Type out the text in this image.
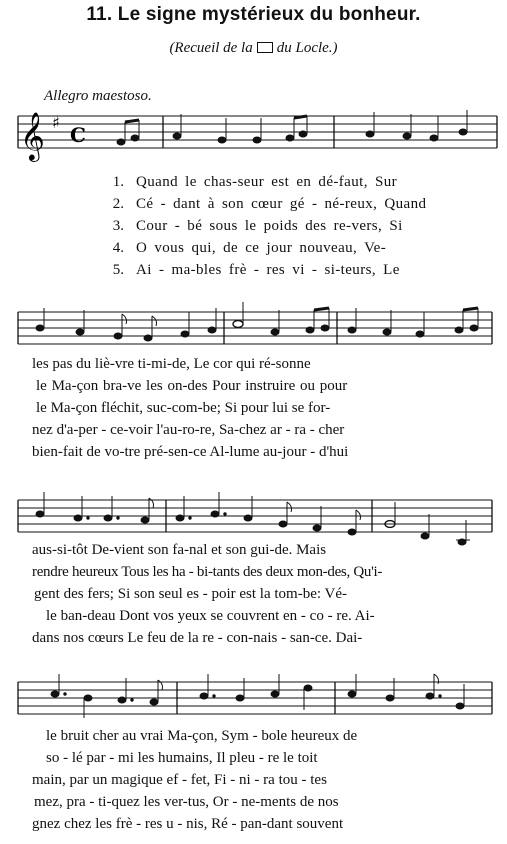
11. Le signe mystérieux du bonheur.
(Recueil de la du Locle.)
Allegro maestoso.
𝄞 ♯
C
1. Quand le chas-seur est en dé-faut, Sur
2. Cé - dant à son cœur gé - né-reux, Quand
3. Cour - bé sous le poids des re-vers, Si
4. O vous qui, de ce jour nouveau, Ve-
5. Ai - ma-bles frè - res vi - si-teurs, Le
les pas du liè-vre ti-mi-de, Le cor qui ré-sonne
le Ma-çon bra-ve les on-des Pour instruire ou pour
le Ma-çon fléchit, suc-com-be; Si pour lui se for-
nez d'a-per - ce-voir l'au-ro-re, Sa-chez ar - ra - cher
bien-fait de vo-tre pré-sen-ce Al-lume au-jour - d'hui
aus-si-tôt De-vient son fa-nal et son gui-de. Mais
rendre heureux Tous les ha - bi-tants des deux mon-des, Qu'i-
gent des fers; Si son seul es - poir est la tom-be: Vé-
le ban-deau Dont vos yeux se couvrent en - co - re. Ai-
dans nos cœurs Le feu de la re - con-nais - san-ce. Dai-
le bruit cher au vrai Ma-çon, Sym - bole heureux de
so - lé par - mi les humains, Il pleu - re le toit
main, par un magique ef - fet, Fi - ni - ra tou - tes
mez, pra - ti-quez les ver-tus, Or - ne-ments de nos
gnez chez les frè - res u - nis, Ré - pan-dant souvent
